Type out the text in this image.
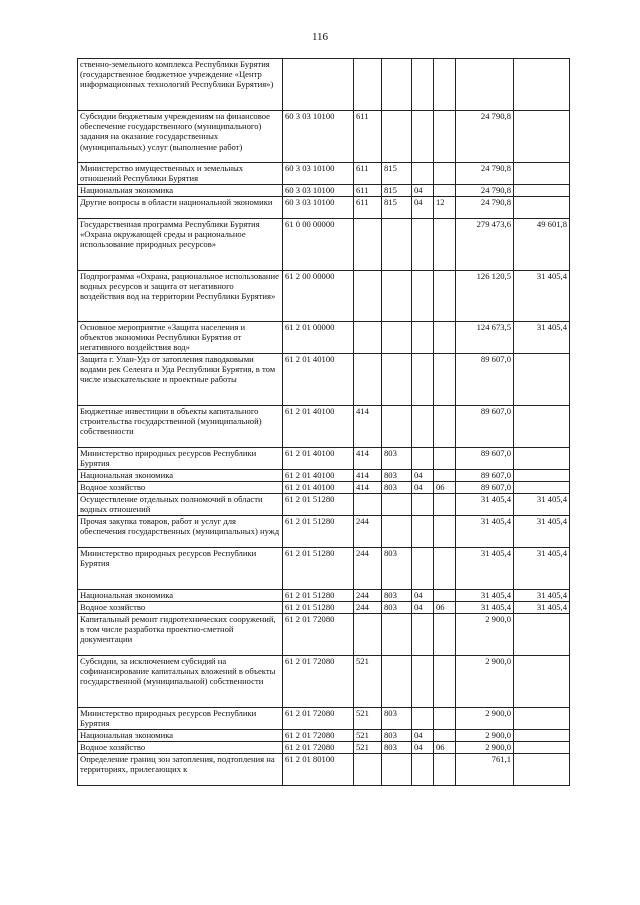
116
ственно-земельного комплекса Республики Бурятия (государственное бюджетное учреждение «Центр информационных технологий Республики Бурятия»)							
Субсидии бюджетным учреждениям на финансовое обеспечение государственного (муниципального) задания на оказание государственных (муниципальных) услуг (выполнение работ)	60 3 03 10100	611				24 790,8	
Министерство имущественных и земельных отношений Республики Бурятия	60 3 03 10100	611	815			24 790,8	
Национальная экономика	60 3 03 10100	611	815	04		24 790,8	
Другие вопросы в области национальной экономики	60 3 03 10100	611	815	04	12	24 790,8	
Государственная программа Республики Бурятия «Охрана окружающей среды и рациональное использование природных ресурсов»	61 0 00 00000					279 473,6	49 601,8
Подпрограмма «Охрана, рациональное использование водных ресурсов и защита от негативного воздействия вод на территории Республики Бурятия»	61 2 00 00000					126 120,5	31 405,4
Основное мероприятие «Защита населения и объектов экономики Республики Бурятия от негативного воздействия вод»	61 2 01 00000					124 673,5	31 405,4
Защита г. Улан-Удэ от затопления паводковыми водами рек Селенга и Уда Республики Бурятия, в том числе изыскательские и проектные работы	61 2 01 40100					89 607,0	
Бюджетные инвестиции в объекты капитального строительства государственной (муниципальной) собственности	61 2 01 40100	414				89 607,0	
Министерство природных ресурсов Республики Бурятия	61 2 01 40100	414	803			89 607,0	
Национальная экономика	61 2 01 40100	414	803	04		89 607,0	
Водное хозяйство	61 2 01 40100	414	803	04	06	89 607,0	
Осуществление отдельных полномочий в области водных отношений	61 2 01 51280					31 405,4	31 405,4
Прочая закупка товаров, работ и услуг для обеспечения государственных (муниципальных) нужд	61 2 01 51280	244				31 405,4	31 405,4
Министерство природных ресурсов Республики Бурятия	61 2 01 51280	244	803			31 405,4	31 405,4
Национальная экономика	61 2 01 51280	244	803	04		31 405,4	31 405,4
Водное хозяйство	61 2 01 51280	244	803	04	06	31 405,4	31 405,4
Капитальный ремонт гидротехнических сооружений, в том числе разработка проектно-сметной документации	61 2 01 72080					2 900,0	
Субсидии, за исключением субсидий на софинансирование капитальных вложений в объекты государственной (муниципальной) собственности	61 2 01 72080	521				2 900,0	
Министерство природных ресурсов Республики Бурятия	61 2 01 72080	521	803			2 900,0	
Национальная экономика	61 2 01 72080	521	803	04		2 900,0	
Водное хозяйство	61 2 01 72080	521	803	04	06	2 900,0	
Определение границ зон затопления, подтопления на территориях, прилегающих к	61 2 01 80100					761,1	
